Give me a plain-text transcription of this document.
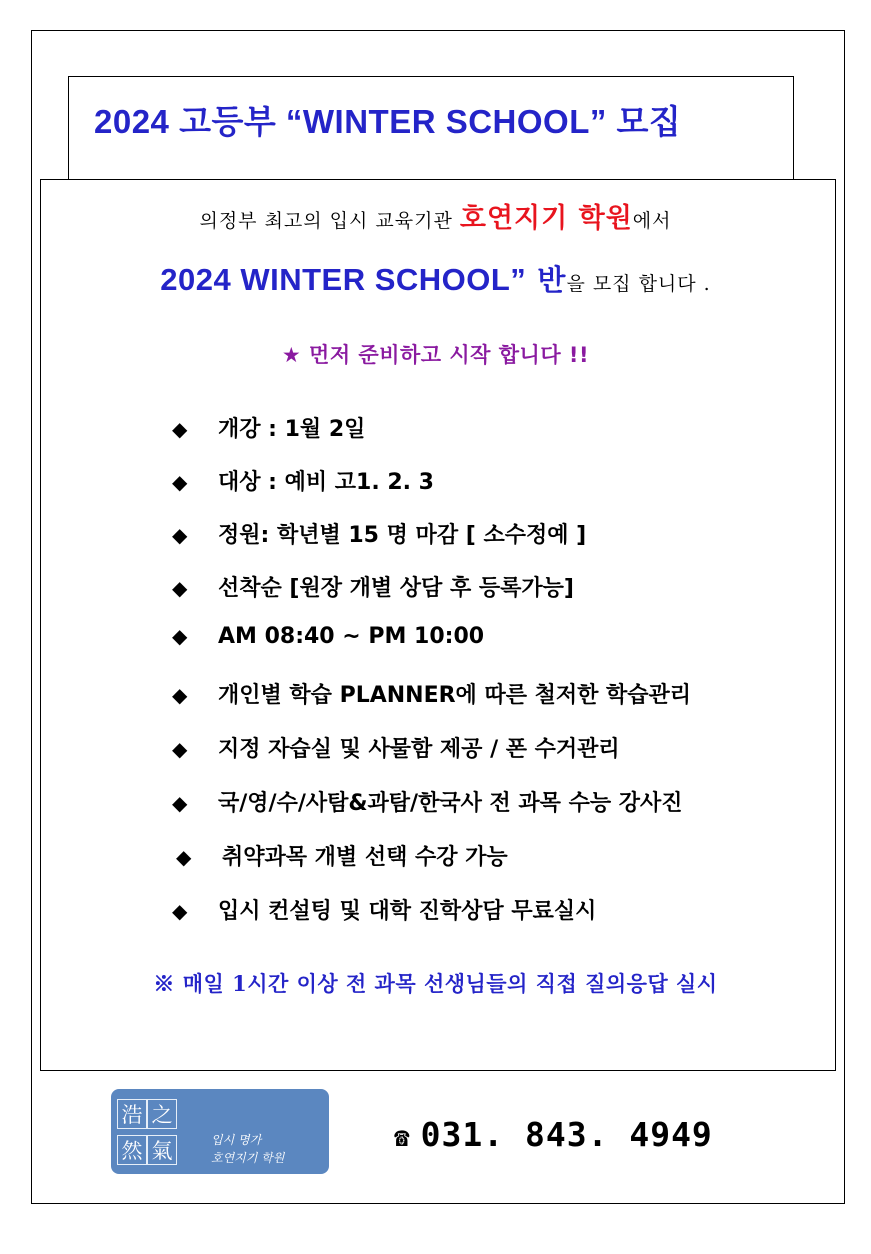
2024 고등부 “WINTER SCHOOL” 모집
의정부 최고의 입시 교육기관 호연지기 학원에서
2024 WINTER SCHOOL” 반을 모집 합니다 .
★ 먼저 준비하고 시작 합니다 !!
◆ 개강 : 1월 2일
◆ 대상 : 예비 고1. 2. 3
◆ 정원: 학년별 15 명 마감 [ 소수정예 ]
◆ 선착순 [원장 개별 상담 후 등록가능]
◆ AM 08:40 ~ PM 10:00
◆ 개인별 학습 PLANNER에 따른 철저한 학습관리
◆ 지정 자습실 및 사물함 제공 / 폰 수거관리
◆ 국/영/수/사탐&과탐/한국사 전 과목 수능 강사진
◆ 취약과목 개별 선택 수강 가능
◆ 입시 컨설팅 및 대학 진학상담 무료실시
※ 매일 1시간 이상 전 과목 선생님들의 직접 질의응답 실시
浩 之
然 氣	입시 명가
호연지기 학원
☎ 031. 843. 4949
